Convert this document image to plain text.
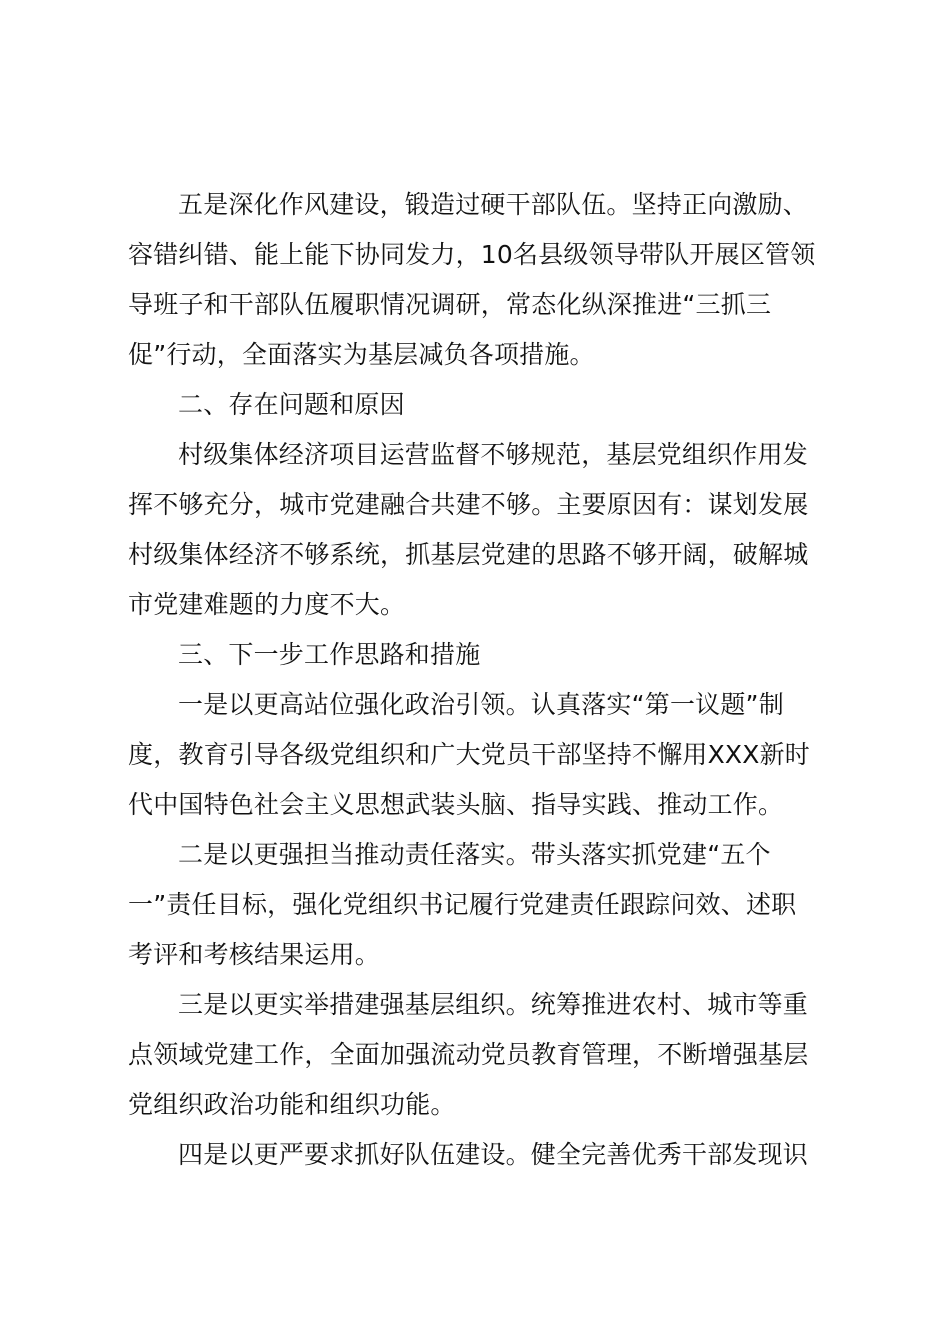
五是深化作风建设，锻造过硬干部队伍。坚持正向激励、
容错纠错、能上能下协同发力，10名县级领导带队开展区管领
导班子和干部队伍履职情况调研，常态化纵深推进“三抓三
促”行动，全面落实为基层减负各项措施。
二、存在问题和原因
村级集体经济项目运营监督不够规范，基层党组织作用发
挥不够充分，城市党建融合共建不够。主要原因有：谋划发展
村级集体经济不够系统，抓基层党建的思路不够开阔，破解城
市党建难题的力度不大。
三、下一步工作思路和措施
一是以更高站位强化政治引领。认真落实“第一议题”制
度，教育引导各级党组织和广大党员干部坚持不懈用XXX新时
代中国特色社会主义思想武装头脑、指导实践、推动工作。
二是以更强担当推动责任落实。带头落实抓党建“五个
一”责任目标，强化党组织书记履行党建责任跟踪问效、述职
考评和考核结果运用。
三是以更实举措建强基层组织。统筹推进农村、城市等重
点领域党建工作，全面加强流动党员教育管理，不断增强基层
党组织政治功能和组织功能。
四是以更严要求抓好队伍建设。健全完善优秀干部发现识
